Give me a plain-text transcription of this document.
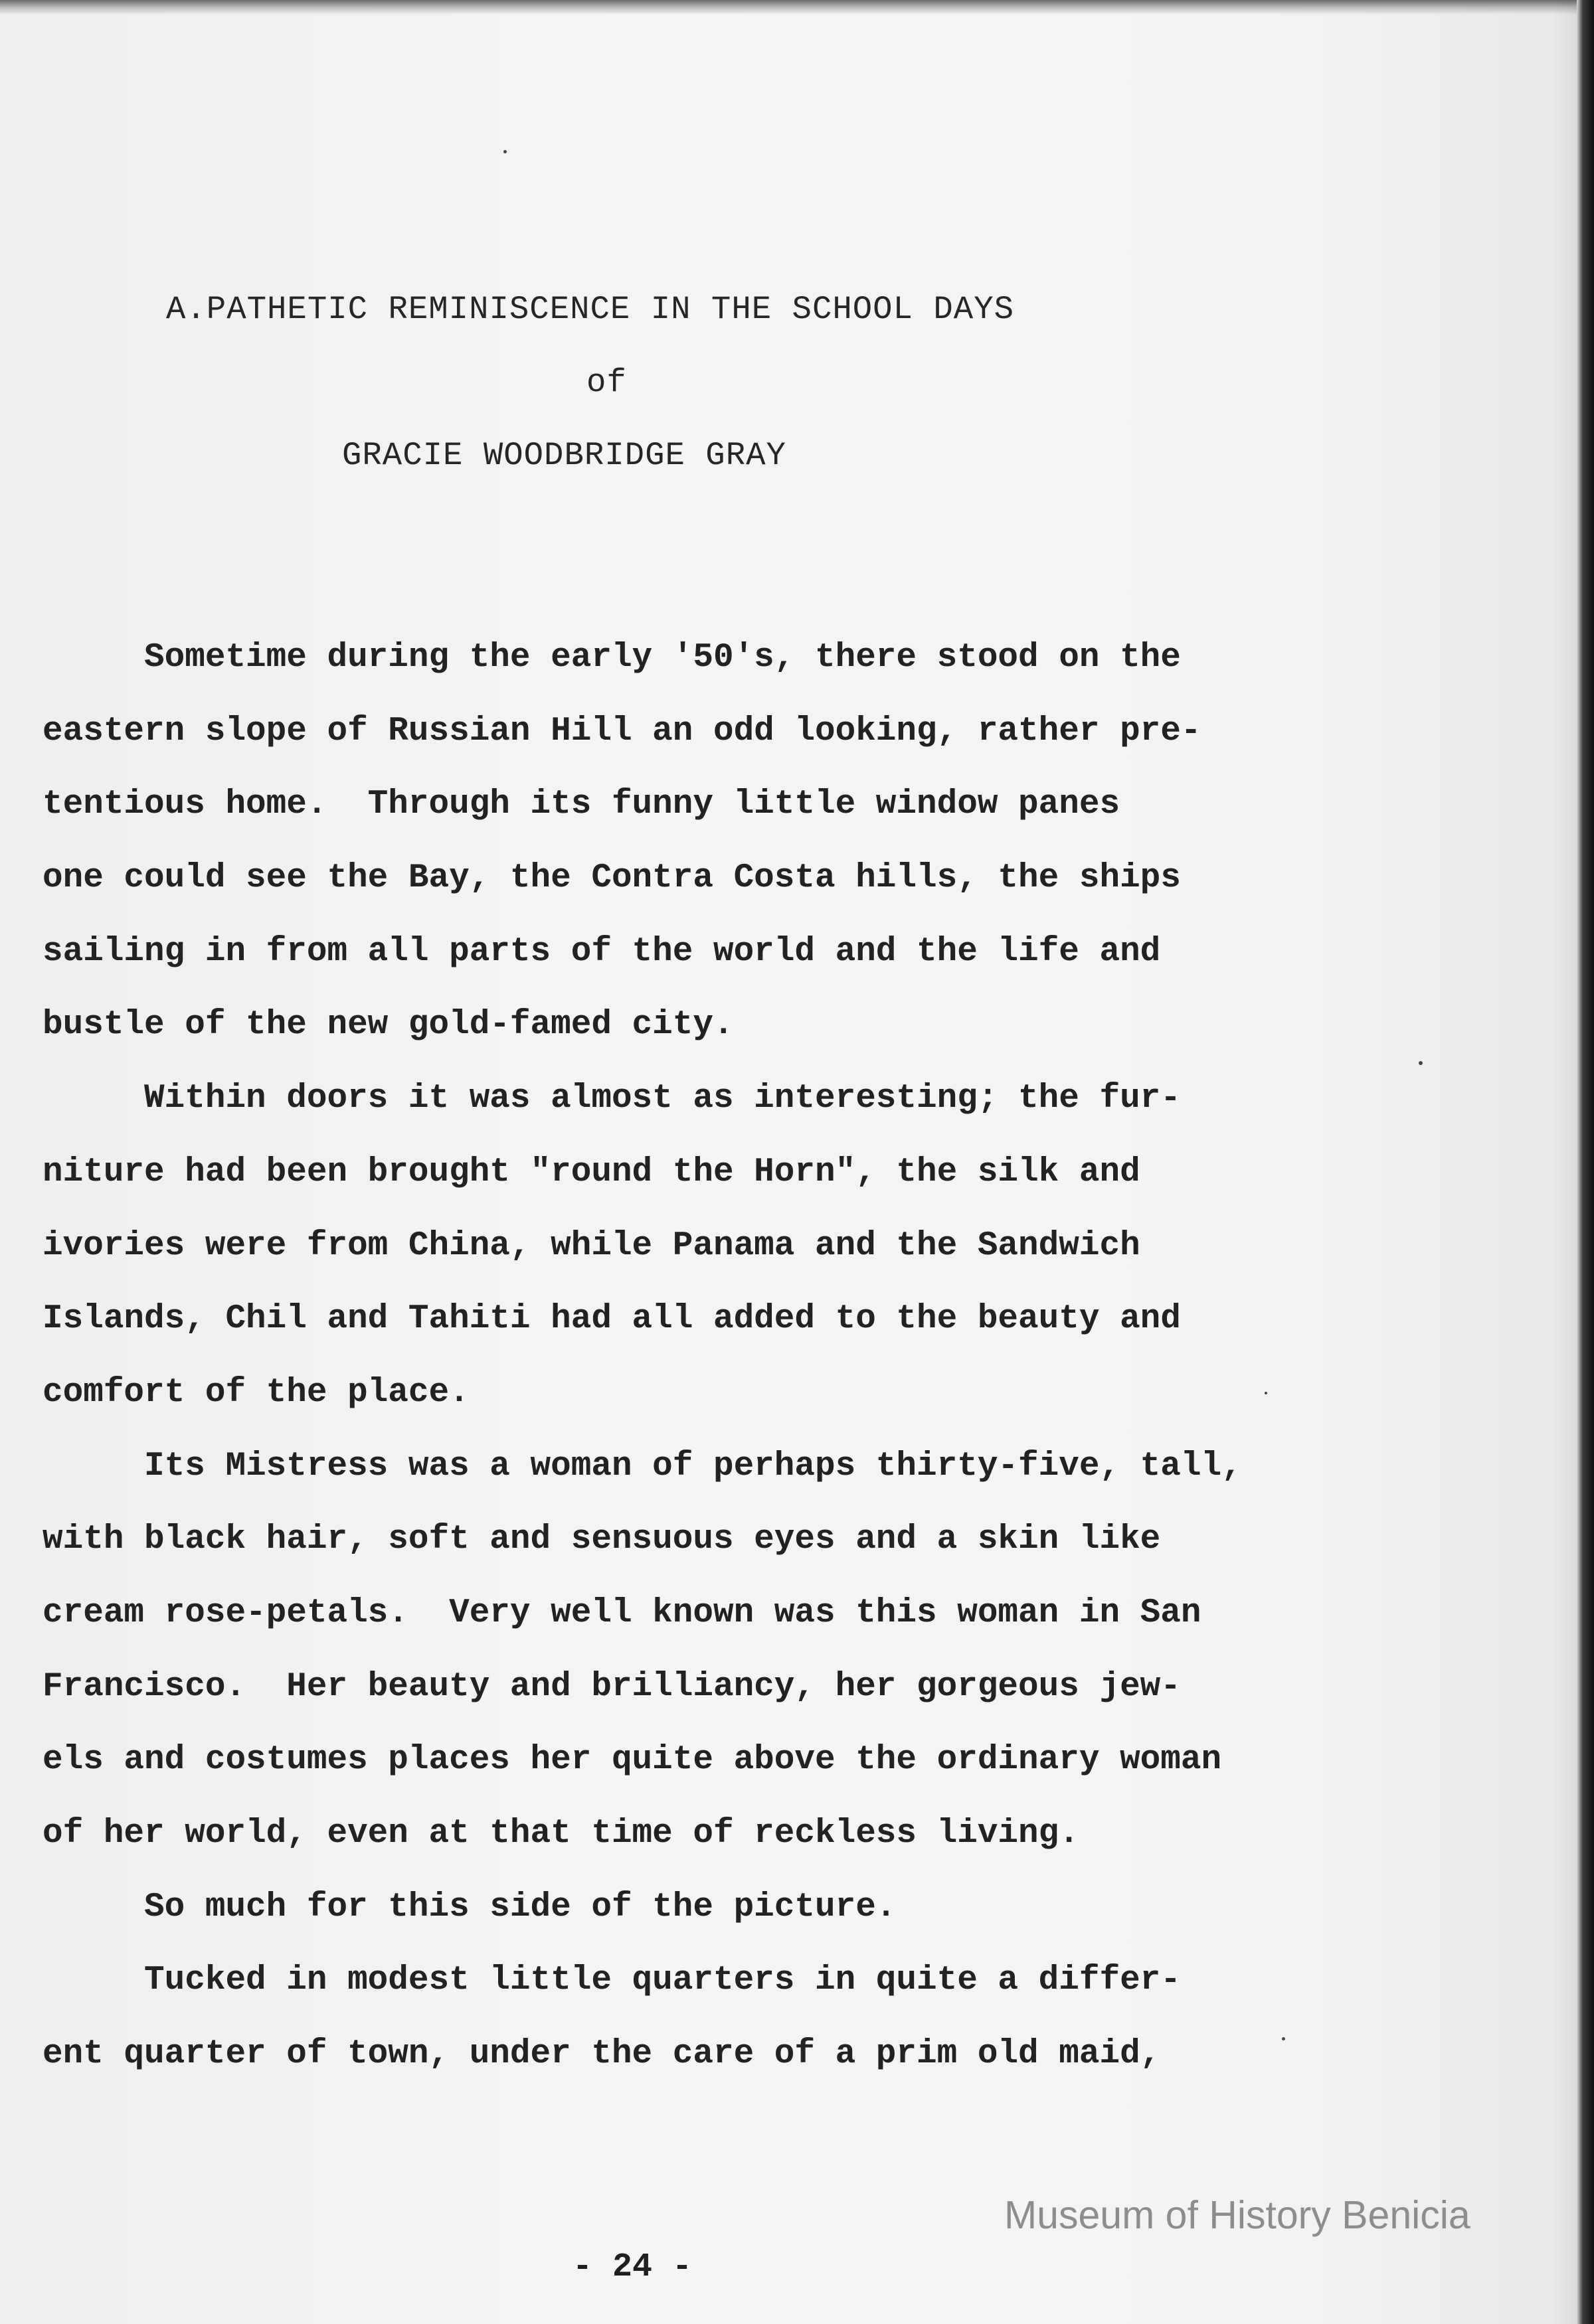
A.PATHETIC REMINISCENCE IN THE SCHOOL DAYS
of
GRACIE WOODBRIDGE GRAY
Sometime during the early '50's, there stood on the
eastern slope of Russian Hill an odd looking, rather pre-
tentious home.  Through its funny little window panes
one could see the Bay, the Contra Costa hills, the ships
sailing in from all parts of the world and the life and
bustle of the new gold-famed city.
Within doors it was almost as interesting; the fur-
niture had been brought "round the Horn", the silk and
ivories were from China, while Panama and the Sandwich
Islands, Chil and Tahiti had all added to the beauty and
comfort of the place.
Its Mistress was a woman of perhaps thirty-five, tall,
with black hair, soft and sensuous eyes and a skin like
cream rose-petals.  Very well known was this woman in San
Francisco.  Her beauty and brilliancy, her gorgeous jew-
els and costumes places her quite above the ordinary woman
of her world, even at that time of reckless living.
So much for this side of the picture.
Tucked in modest little quarters in quite a differ-
ent quarter of town, under the care of a prim old maid,

- 24 -

Museum of History Benicia
